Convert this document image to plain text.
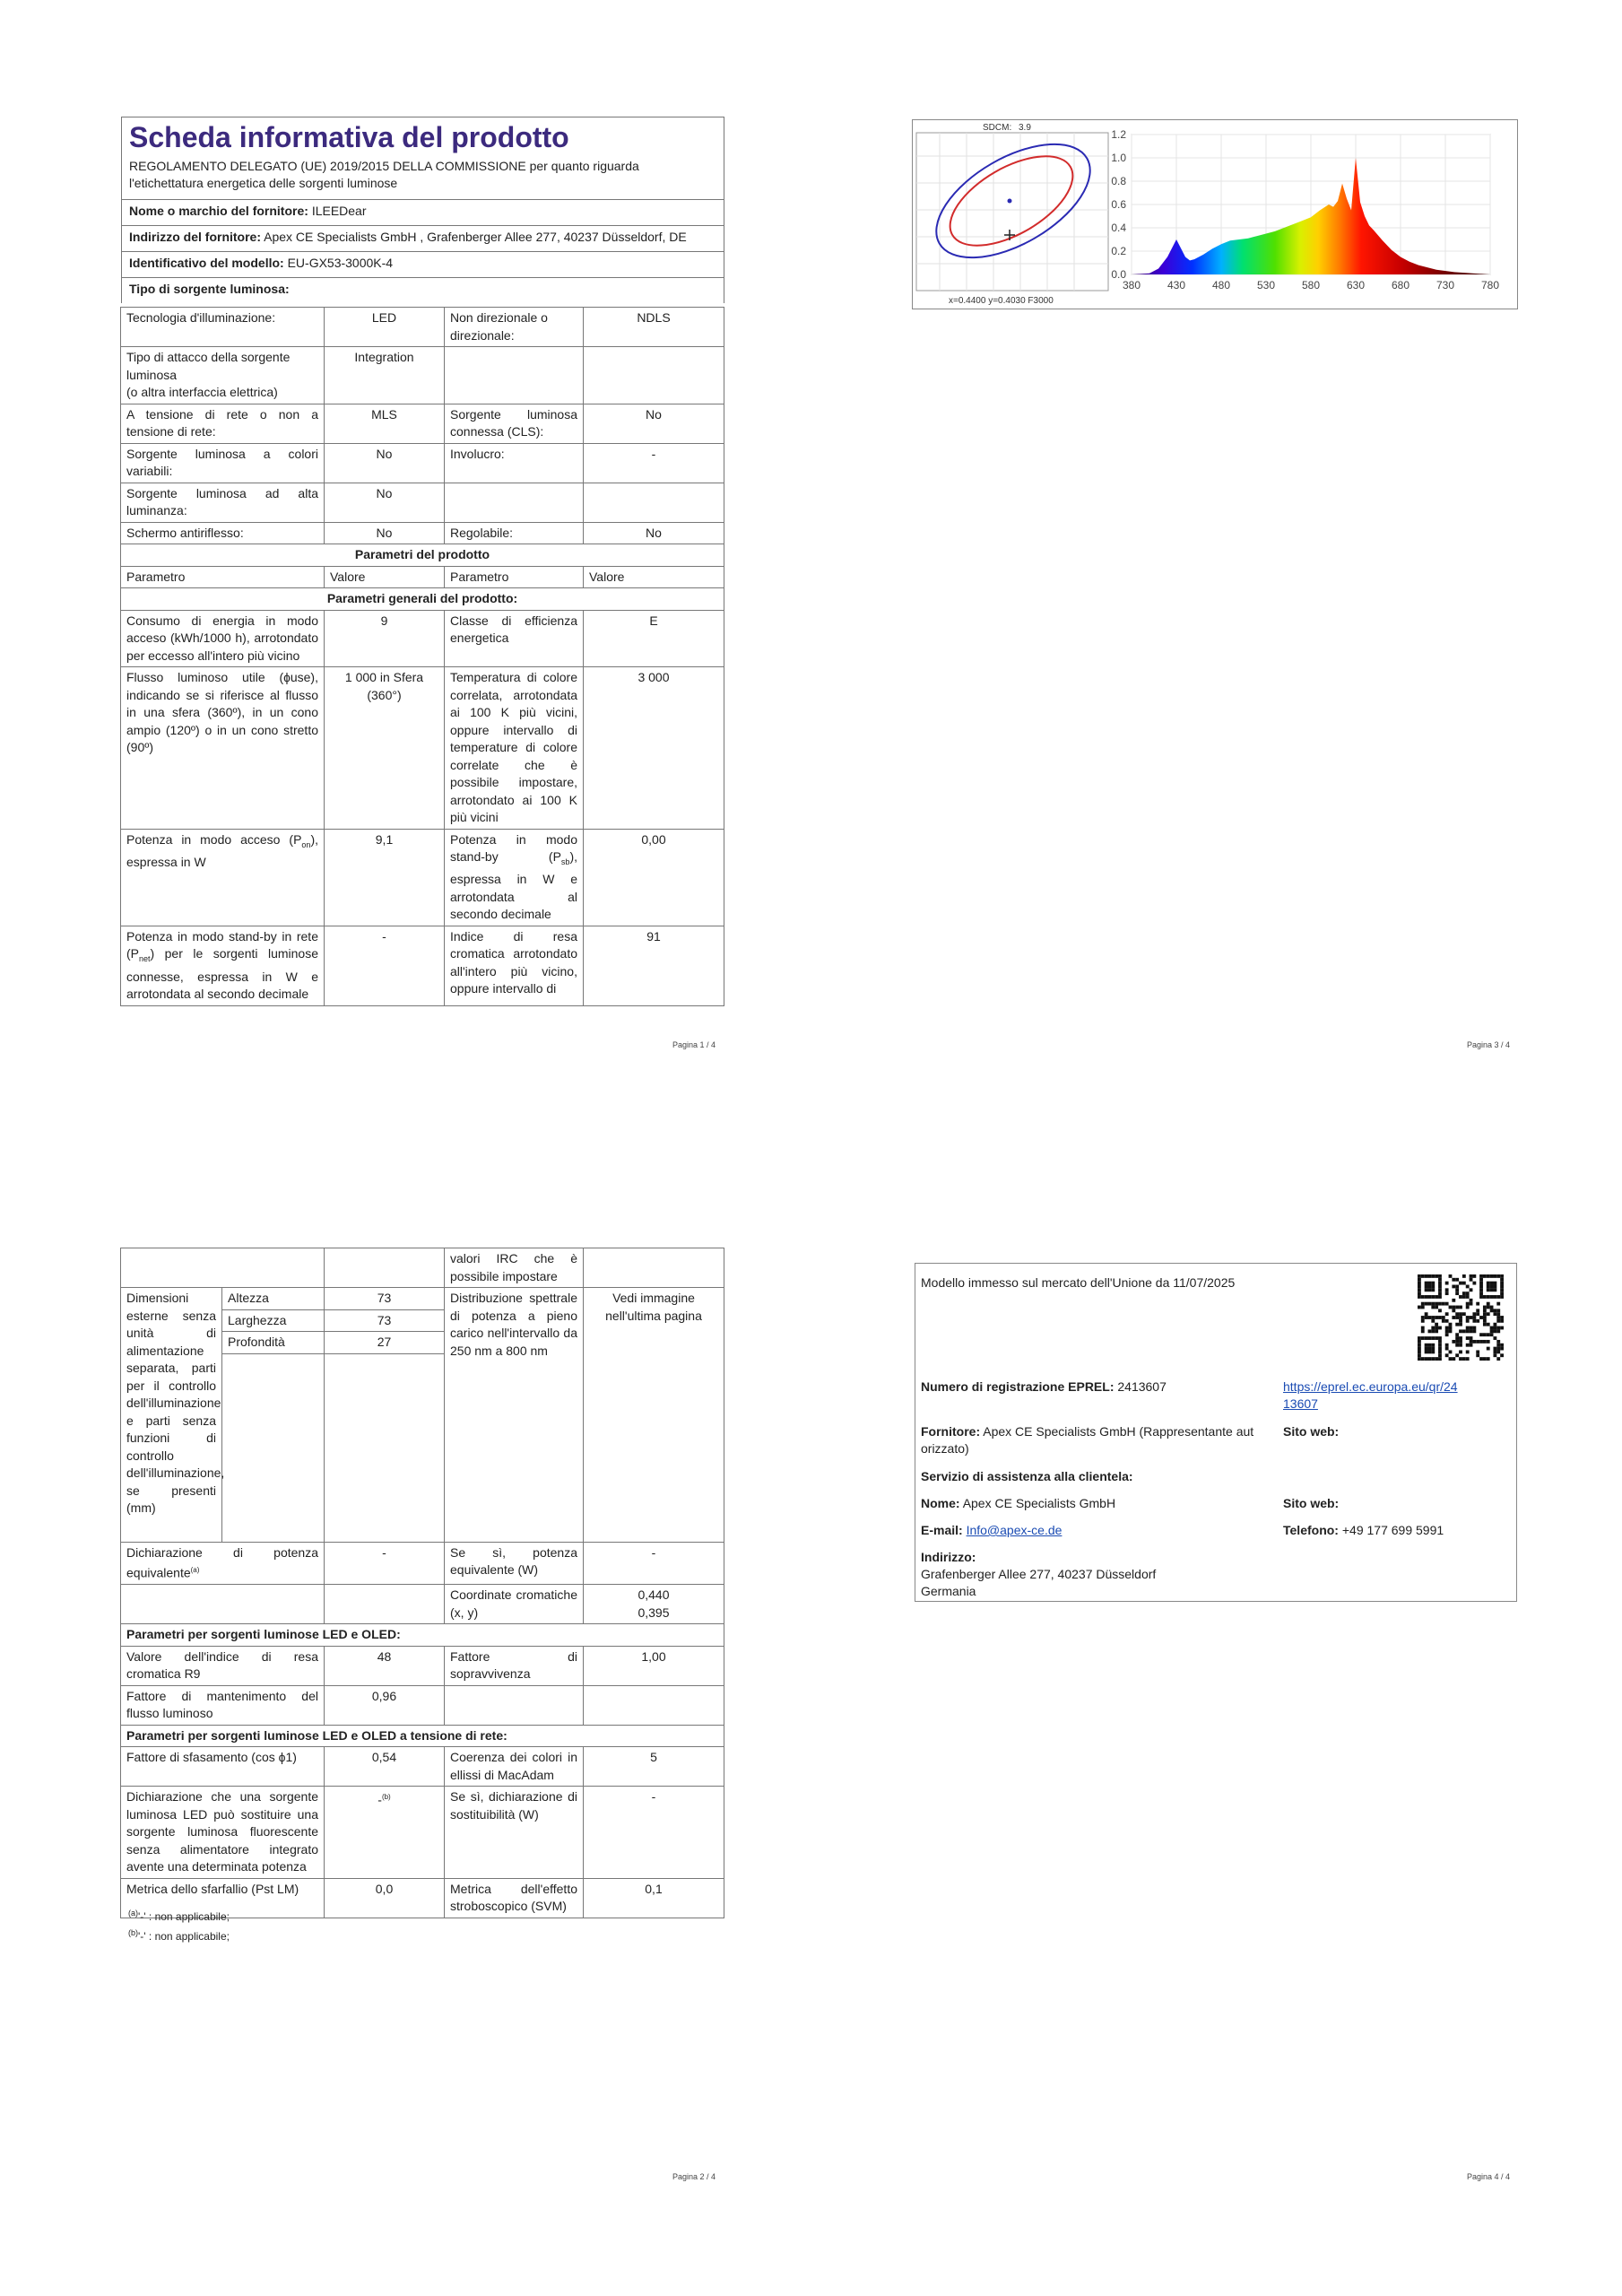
Scheda informativa del prodotto
REGOLAMENTO DELEGATO (UE) 2019/2015 DELLA COMMISSIONE per quanto riguarda l'etichettatura energetica delle sorgenti luminose
Nome o marchio del fornitore: ILEEDear
Indirizzo del fornitore: Apex CE Specialists GmbH , Grafenberger Allee 277, 40237 Düsseldorf, DE
Identificativo del modello: EU-GX53-3000K-4
Tipo di sorgente luminosa:
Tecnologia d'illuminazione:	LED	Non direzionale o direzionale:	NDLS

Tipo di attacco della sorgente luminosa
(o altra interfaccia elettrica)	Integration		
A tensione di rete o non a tensione di rete:	MLS	Sorgente luminosa connessa (CLS):	No
Sorgente luminosa a colori variabili:	No	Involucro:	-
Sorgente luminosa ad alta luminanza:	No		
Schermo antiriflesso:	No	Regolabile:	No
Parametri del prodotto			
Parametro	Valore	Parametro	Valore
Parametri generali del prodotto:			
Consumo di energia in modo acceso (kWh/1000 h), arrotondato per eccesso all'intero più vicino	9	Classe di efficienza energetica	E
Flusso luminoso utile (ɸuse), indicando se si riferisce al flusso in una sfera (360º), in un cono ampio (120º) o in un cono stretto (90º)	1 000 in Sfera (360°)	Temperatura di colore correlata, arrotondata ai 100 K più vicini, oppure intervallo di temperature di colore correlate che è possibile impostare, arrotondato ai 100 K più vicini	3 000
Potenza in modo acceso $(P_{on})$, espressa in W	9,1	Potenza in modo stand-by $(P_{sb})$, espressa in W e arrotondata al secondo decimale	0,00
Potenza in modo stand-by in rete $(P_{net})$ per le sorgenti luminose connesse, espressa in W e arrotondata al secondo decimale	-	Indice di resa cromatica arrotondato all'intero più vicino, oppure intervallo di	91
Pagina 1 / 4
SDCM: 3.9
x=0.4400 y=0.4030 F3000
380 430 480 530 580 630 680 730 780
0.0
0.2
0.4
0.6
0.8
1.0
1.2
Pagina 3 / 4
			valori IRC che è possibile impostare	
Dimensioni esterne senza unità di alimentazione separata, parti per il controllo dell'illuminazione e parti senza funzioni di controllo dell'illuminazione, se presenti (mm)	Altezza	73	Distribuzione spettrale di potenza a pieno carico nell'intervallo da 250 nm a 800 nm	Vedi immagine nell'ultima pagina
	Larghezza	73		
	Profondità	27		

Dichiarazione di potenza equivalente$^{(a)}$		-	Se sì, potenza equivalente (W)	-
			Coordinate cromatiche (x, y)	0,440
0,395

Parametri per sorgenti luminose LED e OLED:				
Valore dell'indice di resa cromatica R9		48	Fattore di sopravvivenza	1,00
Fattore di mantenimento del flusso luminoso		0,96		
Parametri per sorgenti luminose LED e OLED a tensione di rete:				
Fattore di sfasamento (cos ϕ1)		0,54	Coerenza dei colori in ellissi di MacAdam	5
Dichiarazione che una sorgente luminosa LED può sostituire una sorgente luminosa fluorescente senza alimentatore integrato avente una determinata potenza		-$^{(b)}$	Se sì, dichiarazione di sostituibilità (W)	-
Metrica dello sfarfallio (Pst LM)		0,0	Metrica dell'effetto stroboscopico (SVM)	0,1
$^{(a)}$'-' : non applicabile;
$^{(b)}$'-' : non applicabile;
Pagina 2 / 4
Modello immesso sul mercato dell'Unione da 11/07/2025
Numero di registrazione EPREL: 2413607	https://eprel.ec.europa.eu/qr/24
13607
Fornitore: Apex CE Specialists GmbH (Rappresentante aut
orizzato)
Sito web:
Servizio di assistenza alla clientela:
Nome: Apex CE Specialists GmbH	Sito web:
E-mail: Info@apex-ce.de	Telefono: +49 177 699 5991
Indirizzo:
Grafenberger Allee 277, 40237 Düsseldorf
Germania
Pagina 4 / 4
